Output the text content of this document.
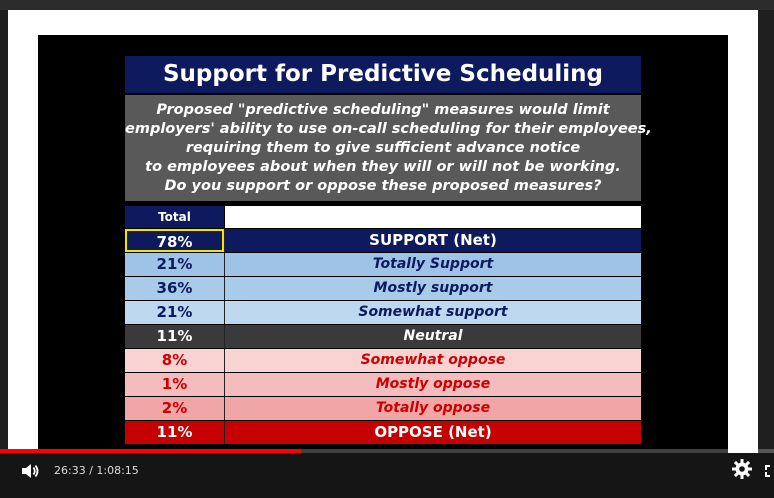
Support for Predictive Scheduling
Proposed "predictive scheduling" measures would limit
employers' ability to use on-call scheduling for their employees,
requiring them to give sufficient advance notice
to employees about when they will or will not be working.
Do you support or oppose these proposed measures?
Total
78%	SUPPORT (Net)
21%	Totally Support
36%	Mostly support
21%	Somewhat support
11%	Neutral
8%	Somewhat oppose
1%	Mostly oppose
2%	Totally oppose
11%	OPPOSE (Net)
26:33 / 1:08:15
